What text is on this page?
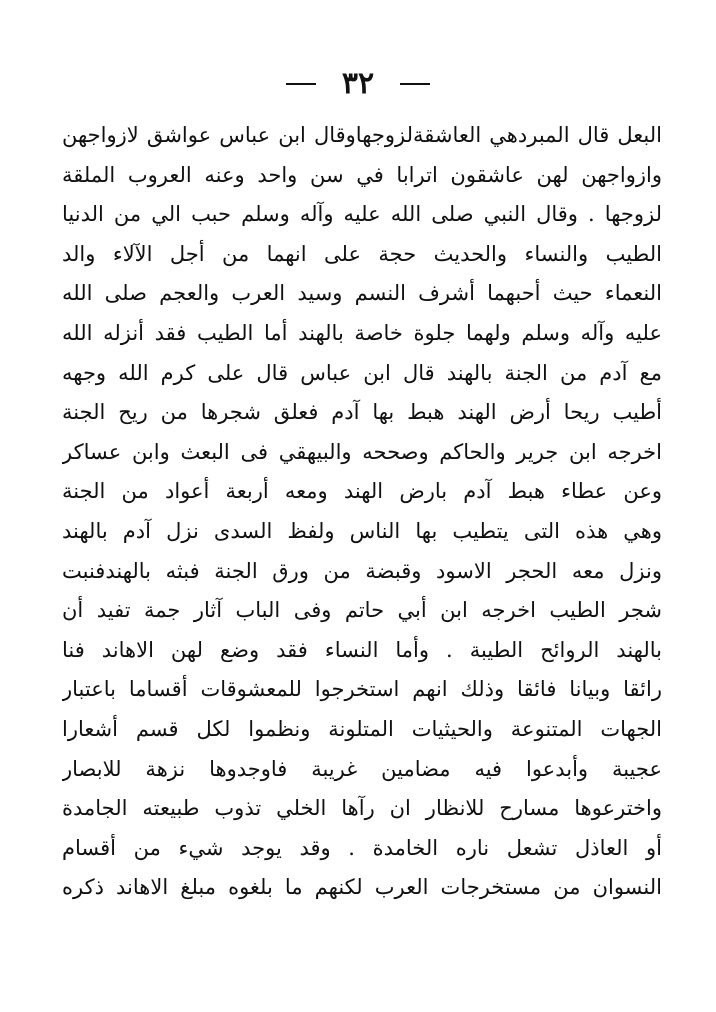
٣٢
البعل قال المبردهي العاشقةلزوجهاوقال ابن عباس عواشق لازواجهن
وازواجهن لهن عاشقون اترابا في سن واحد وعنه العروب الملقة
لزوجها . وقال النبي صلى الله عليه وآله وسلم حبب الي من الدنيا
الطيب والنساء والحديث حجة على انهما من أجل الآلاء والد
النعماء حيث أحبهما أشرف النسم وسيد العرب والعجم صلى الله
عليه وآله وسلم ولهما جلوة خاصة بالهند أما الطيب فقد أنزله الله
مع آدم من الجنة بالهند قال ابن عباس قال على كرم الله وجهه
أطيب ريحا أرض الهند هبط بها آدم فعلق شجرها من ريح الجنة
اخرجه ابن جرير والحاكم وصححه والبيهقي فى البعث وابن عساكر
وعن عطاء هبط آدم بارض الهند ومعه أربعة أعواد من الجنة
وهي هذه التى يتطيب بها الناس ولفظ السدى نزل آدم بالهند
ونزل معه الحجر الاسود وقبضة من ورق الجنة فبثه بالهندفنبت
شجر الطيب اخرجه ابن أبي حاتم وفى الباب آثار جمة تفيد أن
بالهند الروائح الطيبة . وأما النساء فقد وضع لهن الاهاند فنا
رائقا وبيانا فائقا وذلك انهم استخرجوا للمعشوقات أقساما باعتبار
الجهات المتنوعة والحيثيات المتلونة ونظموا لكل قسم أشعارا
عجيبة وأبدعوا فيه مضامين غريبة فاوجدوها نزهة للابصار
واخترعوها مسارح للانظار ان رآها الخلي تذوب طبيعته الجامدة
أو العاذل تشعل ناره الخامدة . وقد يوجد شيء من أقسام
النسوان من مستخرجات العرب لكنهم ما بلغوه مبلغ الاهاند ذكره
